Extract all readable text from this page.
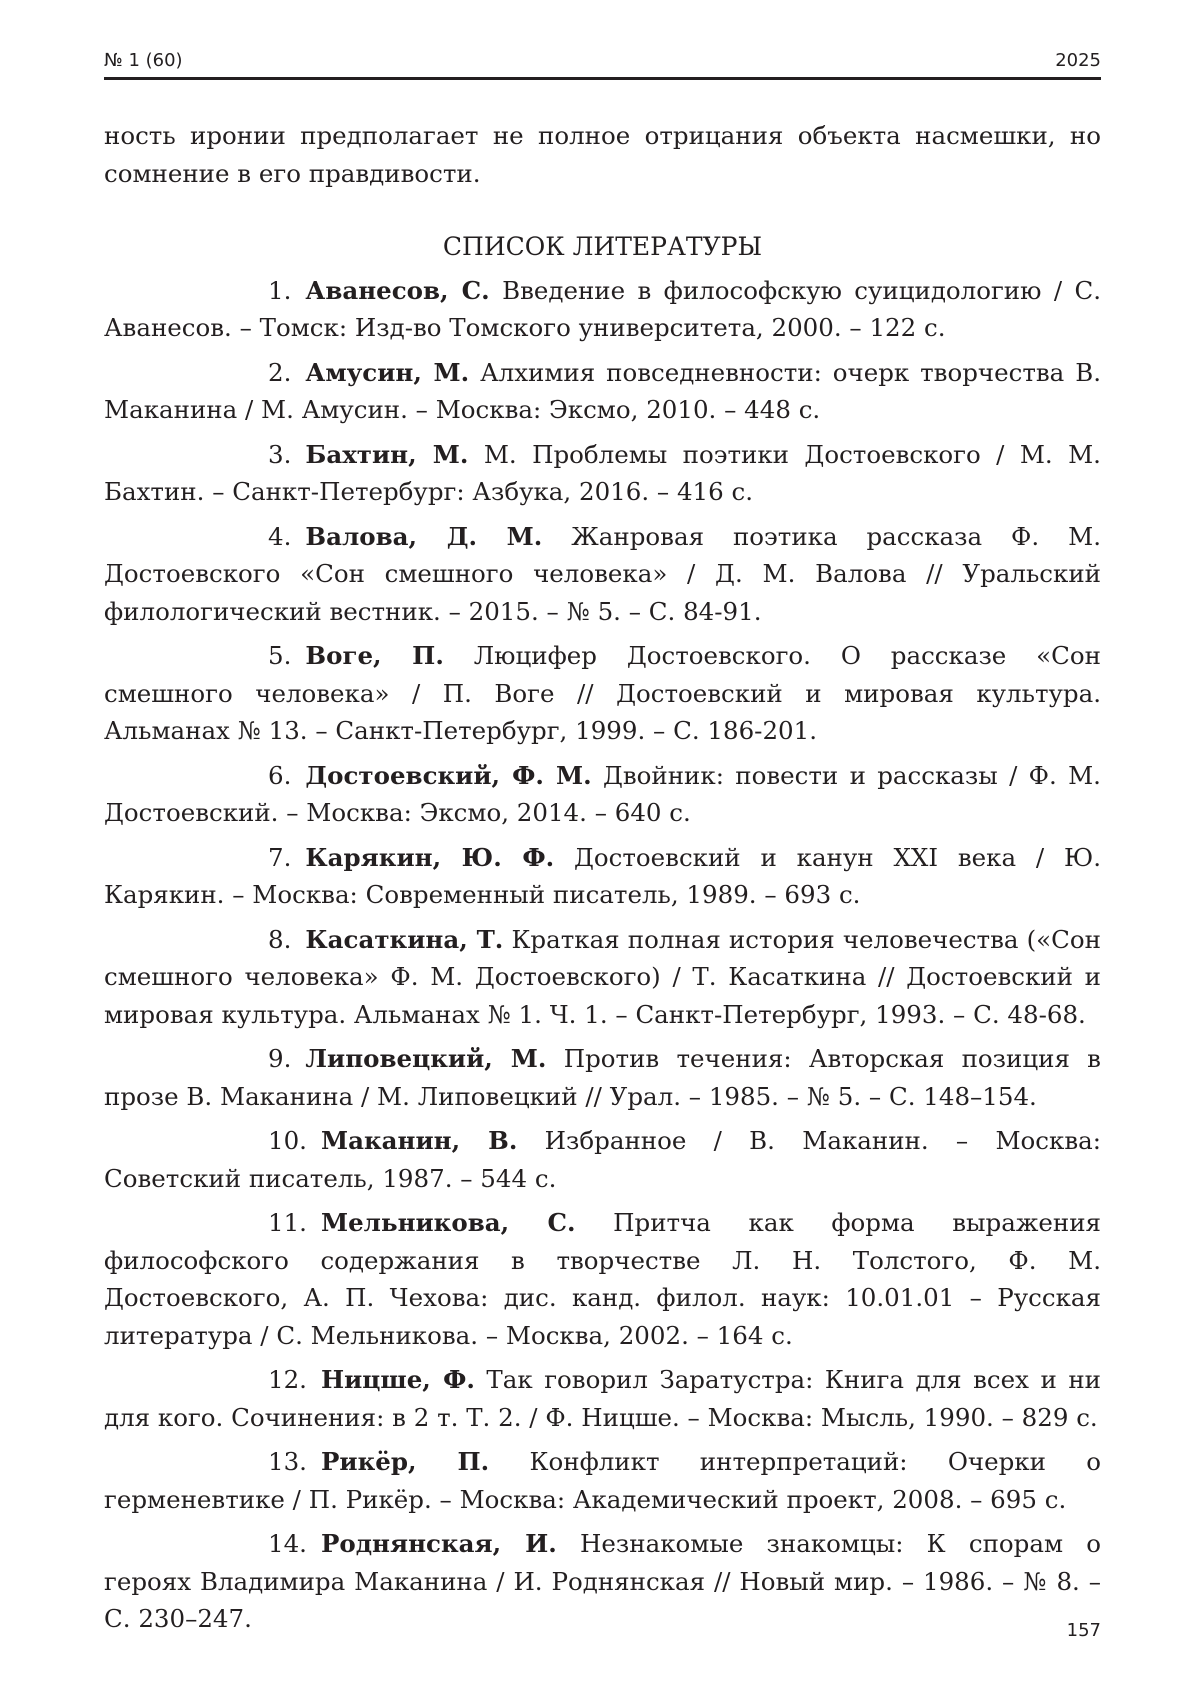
№ 1 (60)	2025

ность иронии предполагает не полное отрицания объекта насмешки, но сомнение в его правдивости.

СПИСОК ЛИТЕРАТУРЫ
1. Аванесов, С. Введение в философскую суицидологию / С. Аванесов. – Томск: Изд-во Томского университета, 2000. – 122 с.
2. Амусин, М. Алхимия повседневности: очерк творчества В. Маканина / М. Амусин. – Москва: Эксмо, 2010. – 448 с.
3. Бахтин, М. М. Проблемы поэтики Достоевского / М. М. Бахтин. – Санкт-Петербург: Азбука, 2016. – 416 с.
4. Валова, Д. М. Жанровая поэтика рассказа Ф. М. Достоевского «Сон смешного человека» / Д. М. Валова // Уральский филологический вестник. – 2015. – № 5. – С. 84-91.
5. Воге, П. Люцифер Достоевского. О рассказе «Сон смешного человека» / П. Воге // Достоевский и мировая культура. Альманах № 13. – Санкт-Петербург, 1999. – С. 186-201.
6. Достоевский, Ф. М. Двойник: повести и рассказы / Ф. М. Достоевский. – Москва: Эксмо, 2014. – 640 с.
7. Карякин, Ю. Ф. Достоевский и канун XXI века / Ю. Карякин. – Москва: Современный писатель, 1989. – 693 с.
8. Касаткина, Т. Краткая полная история человечества («Сон смешного человека» Ф. М. Достоевского) / Т. Касаткина // Достоевский и мировая культура. Альманах № 1. Ч. 1. – Санкт-Петербург, 1993. – С. 48-68.
9. Липовецкий, М. Против течения: Авторская позиция в прозе В. Маканина / М. Липовецкий // Урал. – 1985. – № 5. – С. 148–154.
10. Маканин, В. Избранное / В. Маканин. – Москва: Советский писатель, 1987. – 544 с.
11. Мельникова, С. Притча как форма выражения философского содержания в творчестве Л. Н. Толстого, Ф. М. Достоевского, А. П. Чехова: дис. канд. филол. наук: 10.01.01 – Русская литература / С. Мельникова. – Москва, 2002. – 164 с.
12. Ницше, Ф. Так говорил Заратустра: Книга для всех и ни для кого. Сочинения: в 2 т. Т. 2. / Ф. Ницше. – Москва: Мысль, 1990. – 829 с.
13. Рикёр, П. Конфликт интерпретаций: Очерки о герменевтике / П. Рикёр. – Москва: Академический проект, 2008. – 695 с.
14. Роднянская, И. Незнакомые знакомцы: К спорам о героях Владимира Маканина / И. Роднянская // Новый мир. – 1986. – № 8. – С. 230–247.	157
